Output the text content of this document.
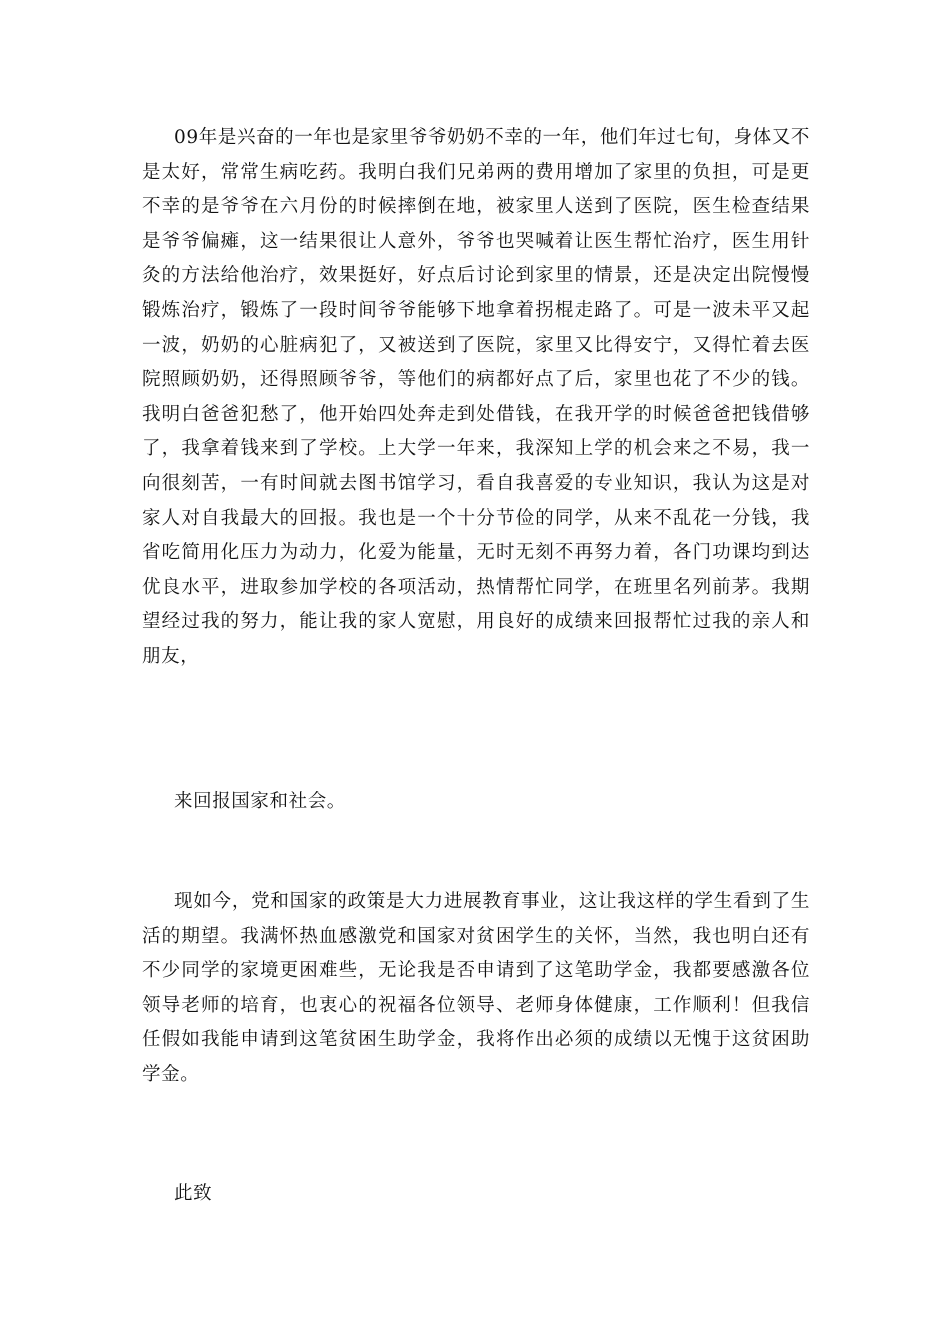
09年是兴奋的一年也是家里爷爷奶奶不幸的一年，他们年过七旬，身体又不是太好，常常生病吃药。我明白我们兄弟两的费用增加了家里的负担，可是更不幸的是爷爷在六月份的时候摔倒在地，被家里人送到了医院，医生检查结果是爷爷偏瘫，这一结果很让人意外，爷爷也哭喊着让医生帮忙治疗，医生用针灸的方法给他治疗，效果挺好，好点后讨论到家里的情景，还是决定出院慢慢锻炼治疗，锻炼了一段时间爷爷能够下地拿着拐棍走路了。可是一波未平又起一波，奶奶的心脏病犯了，又被送到了医院，家里又比得安宁，又得忙着去医院照顾奶奶，还得照顾爷爷，等他们的病都好点了后，家里也花了不少的钱。我明白爸爸犯愁了，他开始四处奔走到处借钱，在我开学的时候爸爸把钱借够了，我拿着钱来到了学校。上大学一年来，我深知上学的机会来之不易，我一向很刻苦，一有时间就去图书馆学习，看自我喜爱的专业知识，我认为这是对家人对自我最大的回报。我也是一个十分节俭的同学，从来不乱花一分钱，我省吃简用化压力为动力，化爱为能量，无时无刻不再努力着，各门功课均到达优良水平，进取参加学校的各项活动，热情帮忙同学，在班里名列前茅。我期望经过我的努力，能让我的家人宽慰，用良好的成绩来回报帮忙过我的亲人和朋友，

来回报国家和社会。

现如今，党和国家的政策是大力进展教育事业，这让我这样的学生看到了生活的期望。我满怀热血感激党和国家对贫困学生的关怀，当然，我也明白还有不少同学的家境更困难些，无论我是否申请到了这笔助学金，我都要感激各位领导老师的培育，也衷心的祝福各位领导、老师身体健康，工作顺利！但我信任假如我能申请到这笔贫困生助学金，我将作出必须的成绩以无愧于这贫困助学金。

此致
